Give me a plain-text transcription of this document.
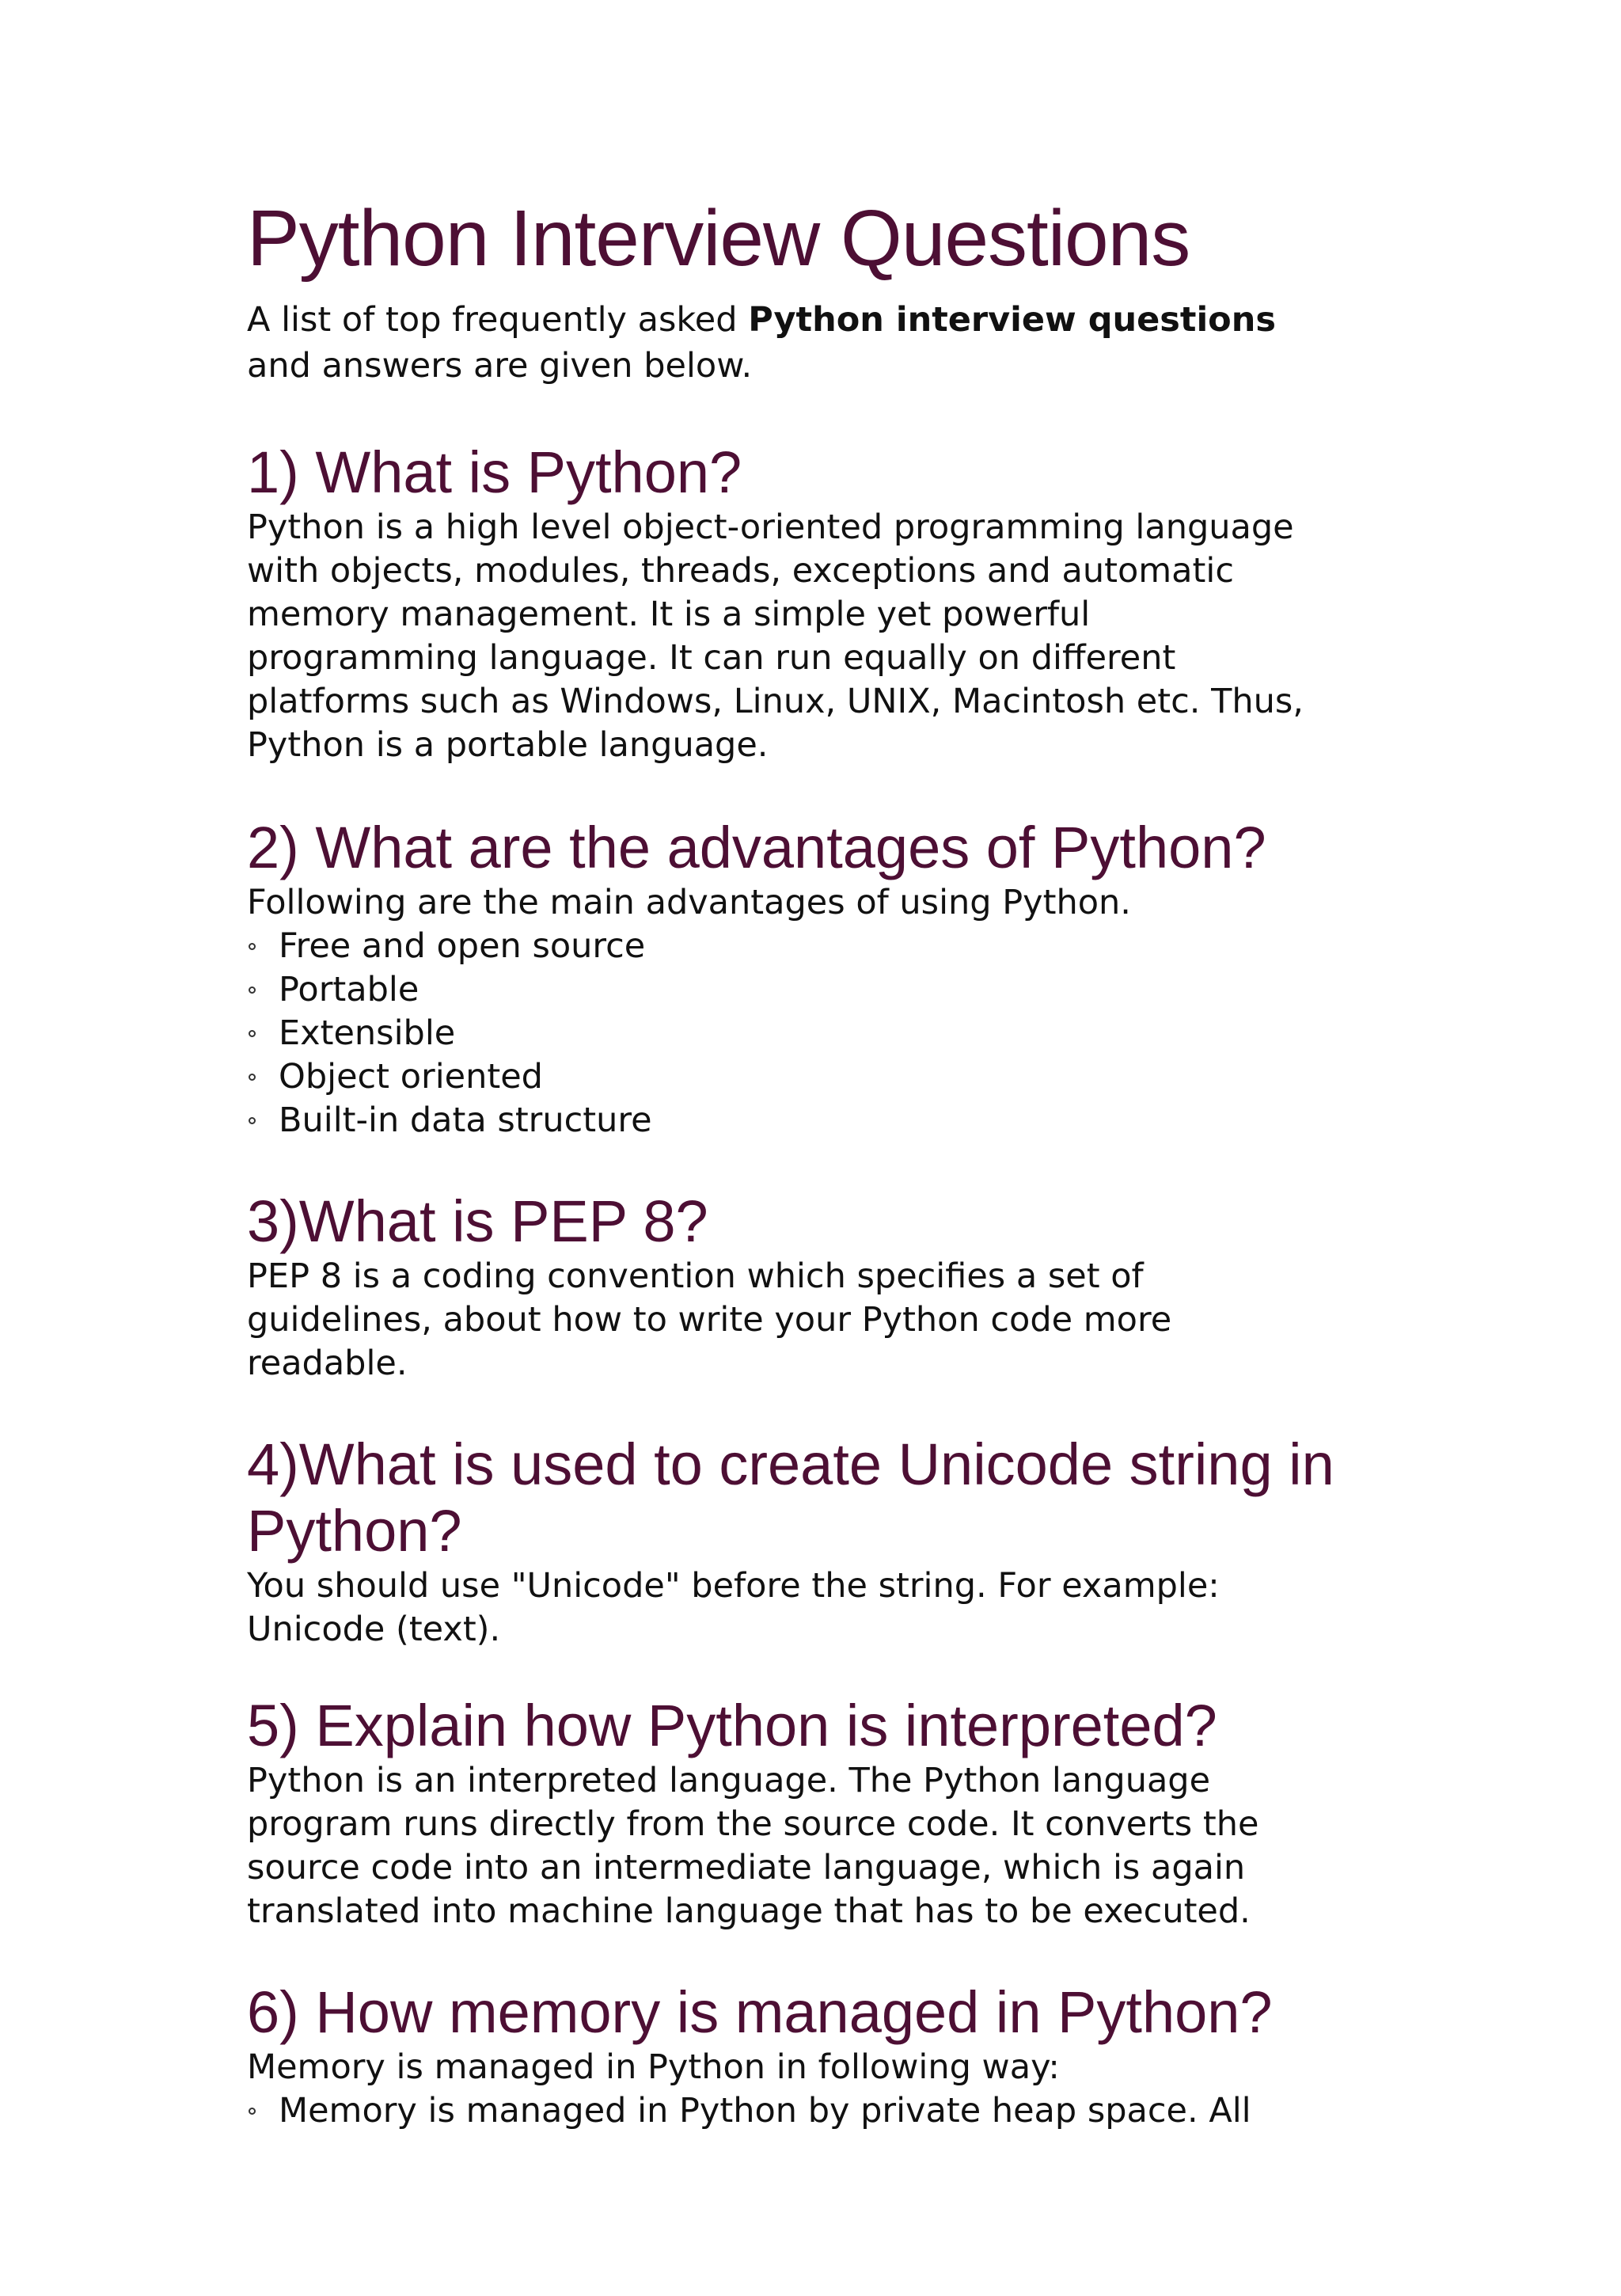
Python Interview Questions

A list of top frequently asked Python interview questions
and answers are given below.

1) What is Python?

Python is a high level object-oriented programming language
with objects, modules, threads, exceptions and automatic
memory management. It is a simple yet powerful
programming language. It can run equally on different
platforms such as Windows, Linux, UNIX, Macintosh etc. Thus,
Python is a portable language.

2) What are the advantages of Python?

Following are the main advantages of using Python.

Free and open source
Portable
Extensible
Object oriented
Built-in data structure
3)What is PEP 8?

PEP 8 is a coding convention which specifies a set of
guidelines, about how to write your Python code more
readable.

4)What is used to create Unicode string in
Python?

You should use "Unicode" before the string. For example:
Unicode (text).

5) Explain how Python is interpreted?

Python is an interpreted language. The Python language
program runs directly from the source code. It converts the
source code into an intermediate language, which is again
translated into machine language that has to be executed.

6) How memory is managed in Python?

Memory is managed in Python in following way:

Memory is managed in Python by private heap space. All
